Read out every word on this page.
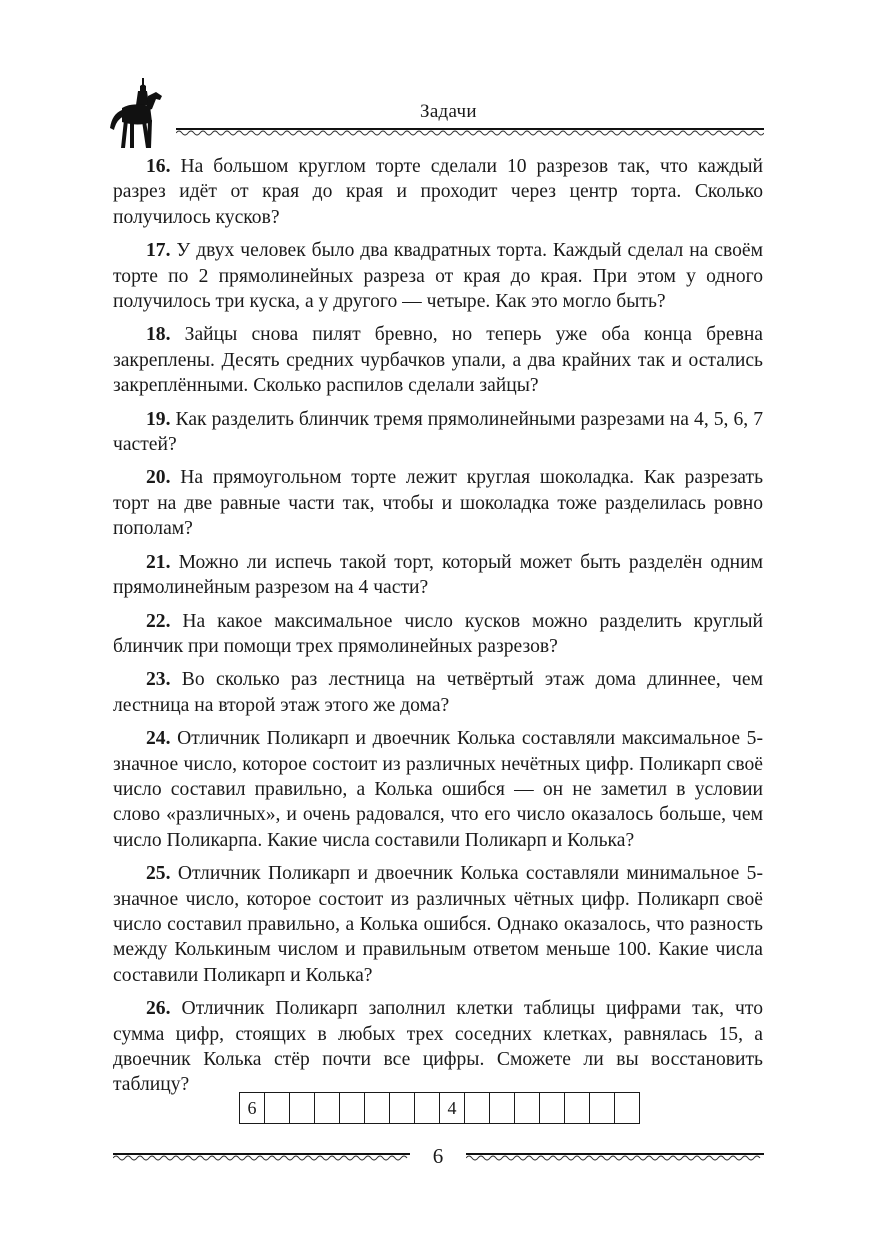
Задачи

16. На большом круглом торте сделали 10 разрезов так, что каждый разрез идёт от края до края и проходит через центр торта. Сколько получилось кусков?

17. У двух человек было два квадратных торта. Каждый сделал на своём торте по 2 прямолинейных разреза от края до края. При этом у одного получилось три куска, а у другого — четыре. Как это могло быть?

18. Зайцы снова пилят бревно, но теперь уже оба конца бревна закреплены. Десять средних чурбачков упали, а два крайних так и остались закреплёнными. Сколько распилов сделали зайцы?

19. Как разделить блинчик тремя прямолинейными разрезами на 4, 5, 6, 7 частей?

20. На прямоугольном торте лежит круглая шоколадка. Как разрезать торт на две равные части так, чтобы и шоколадка тоже разделилась ровно пополам?

21. Можно ли испечь такой торт, который может быть разделён одним прямолинейным разрезом на 4 части?

22. На какое максимальное число кусков можно разделить круглый блинчик при помощи трех прямолинейных разрезов?

23. Во сколько раз лестница на четвёртый этаж дома длиннее, чем лестница на второй этаж этого же дома?

24. Отличник Поликарп и двоечник Колька составляли максимальное 5-значное число, которое состоит из различных нечётных цифр. Поликарп своё число составил правильно, а Колька ошибся — он не заметил в условии слово «различных», и очень радовался, что его число оказалось больше, чем число Поликарпа. Какие числа составили Поликарп и Колька?

25. Отличник Поликарп и двоечник Колька составляли минимальное 5-значное число, которое состоит из различных чётных цифр. Поликарп своё число составил правильно, а Колька ошибся. Однако оказалось, что разность между Колькиным числом и правильным ответом меньше 100. Какие числа составили Поликарп и Колька?

26. Отличник Поликарп заполнил клетки таблицы цифрами так, что сумма цифр, стоящих в любых трех соседних клетках, равнялась 15, а двоечник Колька стёр почти все цифры. Сможете ли вы восстановить таблицу?

6								4							
6
